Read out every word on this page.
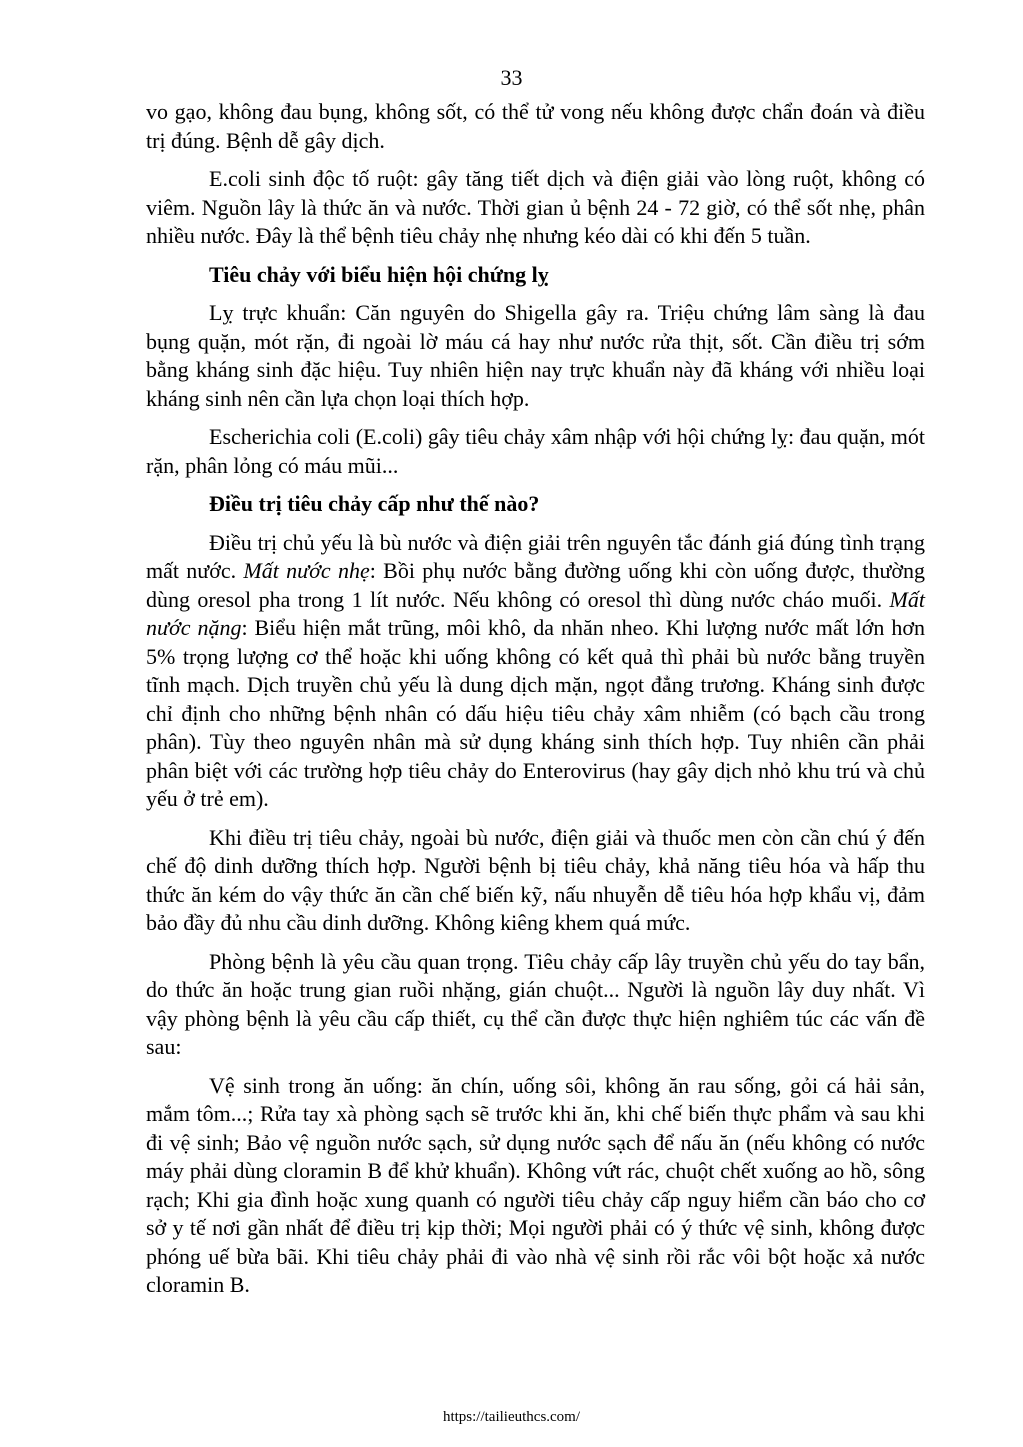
33

vo gạo, không đau bụng, không sốt, có thể tử vong nếu không được chẩn đoán và điều trị đúng. Bệnh dễ gây dịch.

E.coli sinh độc tố ruột: gây tăng tiết dịch và điện giải vào lòng ruột, không có viêm. Nguồn lây là thức ăn và nước. Thời gian ủ bệnh 24 - 72 giờ, có thể sốt nhẹ, phân nhiều nước. Đây là thể bệnh tiêu chảy nhẹ nhưng kéo dài có khi đến 5 tuần.

Tiêu chảy với biểu hiện hội chứng lỵ

Lỵ trực khuẩn: Căn nguyên do Shigella gây ra. Triệu chứng lâm sàng là đau bụng quặn, mót rặn, đi ngoài lờ máu cá hay như nước rửa thịt, sốt. Cần điều trị sớm bằng kháng sinh đặc hiệu. Tuy nhiên hiện nay trực khuẩn này đã kháng với nhiều loại kháng sinh nên cần lựa chọn loại thích hợp.

Escherichia coli (E.coli) gây tiêu chảy xâm nhập với hội chứng lỵ: đau quặn, mót rặn, phân lỏng có máu mũi...

Điều trị tiêu chảy cấp như thế nào?

Điều trị chủ yếu là bù nước và điện giải trên nguyên tắc đánh giá đúng tình trạng mất nước. Mất nước nhẹ: Bồi phụ nước bằng đường uống khi còn uống được, thường dùng oresol pha trong 1 lít nước. Nếu không có oresol thì dùng nước cháo muối. Mất nước nặng: Biểu hiện mắt trũng, môi khô, da nhăn nheo. Khi lượng nước mất lớn hơn 5% trọng lượng cơ thể hoặc khi uống không có kết quả thì phải bù nước bằng truyền tĩnh mạch. Dịch truyền chủ yếu là dung dịch mặn, ngọt đẳng trương. Kháng sinh được chỉ định cho những bệnh nhân có dấu hiệu tiêu chảy xâm nhiễm (có bạch cầu trong phân). Tùy theo nguyên nhân mà sử dụng kháng sinh thích hợp. Tuy nhiên cần phải phân biệt với các trường hợp tiêu chảy do Enterovirus (hay gây dịch nhỏ khu trú và chủ yếu ở trẻ em).

Khi điều trị tiêu chảy, ngoài bù nước, điện giải và thuốc men còn cần chú ý đến chế độ dinh dưỡng thích hợp. Người bệnh bị tiêu chảy, khả năng tiêu hóa và hấp thu thức ăn kém do vậy thức ăn cần chế biến kỹ, nấu nhuyễn dễ tiêu hóa hợp khẩu vị, đảm bảo đầy đủ nhu cầu dinh dưỡng. Không kiêng khem quá mức.

Phòng bệnh là yêu cầu quan trọng. Tiêu chảy cấp lây truyền chủ yếu do tay bẩn, do thức ăn hoặc trung gian ruồi nhặng, gián chuột... Người là nguồn lây duy nhất. Vì vậy phòng bệnh là yêu cầu cấp thiết, cụ thể cần được thực hiện nghiêm túc các vấn đề sau:

Vệ sinh trong ăn uống: ăn chín, uống sôi, không ăn rau sống, gỏi cá hải sản, mắm tôm...; Rửa tay xà phòng sạch sẽ trước khi ăn, khi chế biến thực phẩm và sau khi đi vệ sinh; Bảo vệ nguồn nước sạch, sử dụng nước sạch để nấu ăn (nếu không có nước máy phải dùng cloramin B để khử khuẩn). Không vứt rác, chuột chết xuống ao hồ, sông rạch; Khi gia đình hoặc xung quanh có người tiêu chảy cấp nguy hiểm cần báo cho cơ sở y tế nơi gần nhất để điều trị kịp thời; Mọi người phải có ý thức vệ sinh, không được phóng uế bừa bãi. Khi tiêu chảy phải đi vào nhà vệ sinh rồi rắc vôi bột hoặc xả nước cloramin B.

https://tailieuthcs.com/
